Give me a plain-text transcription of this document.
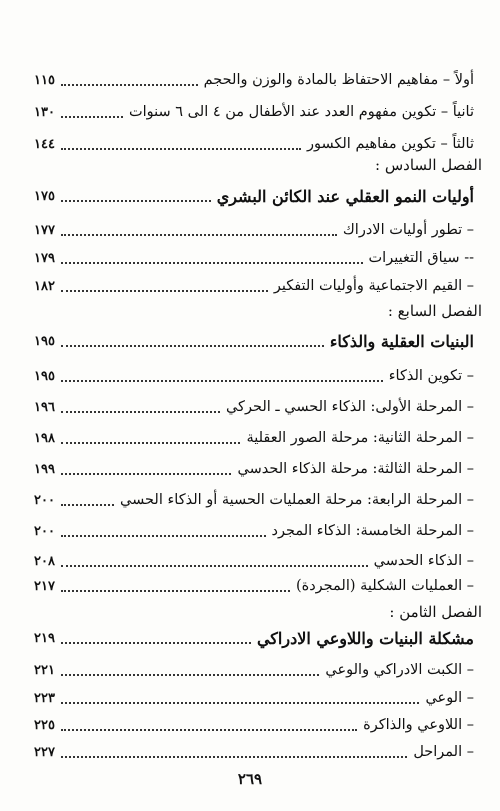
أولاً – مفاهيم الاحتفاظ بالمادة والوزن والحجم
١١٥
ثانياً – تكوين مفهوم العدد عند الأطفال من ٤ الى ٦ سنوات
١٣٠
ثالثاً – تكوين مفاهيم الكسور
١٤٤
الفصل السادس :
أوليات النمو العقلي عند الكائن البشري
١٧٥
– تطور أوليات الادراك
١٧٧
-- سياق التغييرات
١٧٩
– القيم الاجتماعية وأوليات التفكير
١٨٢
الفصل السابع :
البنيات العقلية والذكاء
١٩٥
– تكوين الذكاء
١٩٥
– المرحلة الأولى: الذكاء الحسي ـ الحركي
١٩٦
– المرحلة الثانية: مرحلة الصور العقلية
١٩٨
– المرحلة الثالثة: مرحلة الذكاء الحدسي
١٩٩
– المرحلة الرابعة: مرحلة العمليات الحسية أو الذكاء الحسي
٢٠٠
– المرحلة الخامسة: الذكاء المجرد
٢٠٠
– الذكاء الحدسي
٢٠٨
– العمليات الشكلية (المجردة)
٢١٧
الفصل الثامن :
مشكلة البنيات واللاوعي الادراكي
٢١٩
– الكبت الادراكي والوعي
٢٢١
– الوعي
٢٢٣
– اللاوعي والذاكرة
٢٢٥
– المراحل
٢٢٧
٢٦٩
